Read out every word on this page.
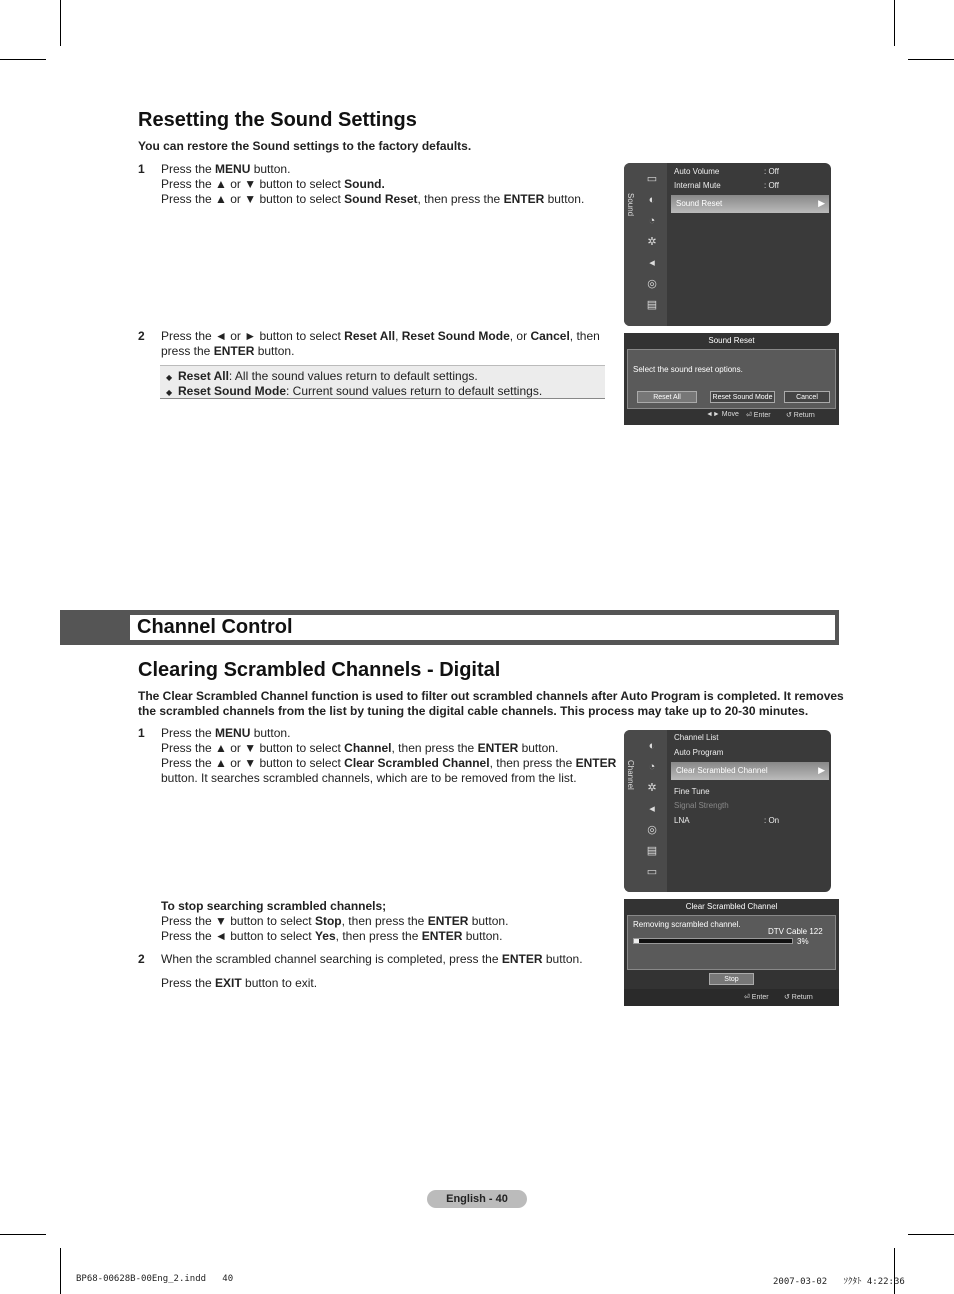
Resetting the Sound Settings
You can restore the Sound settings to the factory defaults.
1 Press the MENU button.
Press the ▲ or ▼ button to select Sound.
Press the ▲ or ▼ button to select Sound Reset, then press the ENTER button.
2 Press the ◄ or ► button to select Reset All, Reset Sound Mode, or Cancel, then
press the ENTER button.
◆ Reset All: All the sound values return to default settings.
◆ Reset Sound Mode: Current sound values return to default settings.
Sound
▭
◐
◔
✲
◂
◎
▤
Auto Volume	: Off
Internal Mute	: Off
Sound Reset	▶
Sound Reset
Select the sound reset options.
Reset All	Reset Sound Mode	Cancel
◄► Move ⏎ Enter ↺ Return
Channel Control
Clearing Scrambled Channels - Digital
The Clear Scrambled Channel function is used to filter out scrambled channels after Auto Program is completed. It removes
the scrambled channels from the list by tuning the digital cable channels. This process may take up to 20-30 minutes.
1 Press the MENU button.
Press the ▲ or ▼ button to select Channel, then press the ENTER button.
Press the ▲ or ▼ button to select Clear Scrambled Channel, then press the ENTER
button. It searches scrambled channels, which are to be removed from the list.
To stop searching scrambled channels;
Press the ▼ button to select Stop, then press the ENTER button.
Press the ◄ button to select Yes, then press the ENTER button.
2 When the scrambled channel searching is completed, press the ENTER button.
Press the EXIT button to exit.
Channel
◐
◔
✲
◂
◎
▤
▭
Channel List
Auto Program
Clear Scrambled Channel	▶
Fine Tune
Signal Strength
LNA	: On
Clear Scrambled Channel
Removing scrambled channel.
DTV Cable 122
3%
Stop
⏎ Enter ↺ Return
English - 40
BP68-00628B-00Eng_2.indd   40	2007-03-02   ｿｸﾀﾄ 4:22:36
